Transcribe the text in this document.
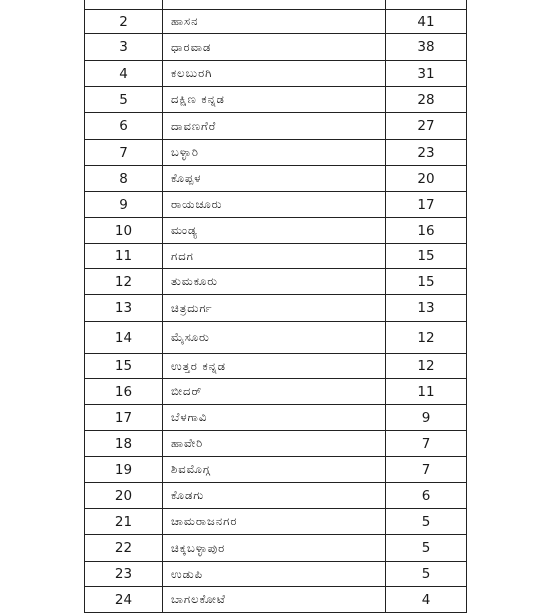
2	ಹಾಸನ	41
3	ಧಾರವಾಡ	38
4	ಕಲಬುರಗಿ	31
5	ದಕ್ಷಿಣ ಕನ್ನಡ	28
6	ದಾವಣಗೆರೆ	27
7	ಬಳ್ಳಾರಿ	23
8	ಕೊಪ್ಪಳ	20
9	ರಾಯಚೂರು	17
10	ಮಂಡ್ಯ	16
11	ಗದಗ	15
12	ತುಮಕೂರು	15
13	ಚಿತ್ರದುರ್ಗ	13
14	ಮೈಸೂರು	12
15	ಉತ್ತರ ಕನ್ನಡ	12
16	ಬೀದರ್	11
17	ಬೆಳಗಾವಿ	9
18	ಹಾವೇರಿ	7
19	ಶಿವಮೊಗ್ಗ	7
20	ಕೊಡಗು	6
21	ಚಾಮರಾಜನಗರ	5
22	ಚಿಕ್ಕಬಳ್ಳಾಪುರ	5
23	ಉಡುಪಿ	5
24	ಬಾಗಲಕೋಟೆ	4
